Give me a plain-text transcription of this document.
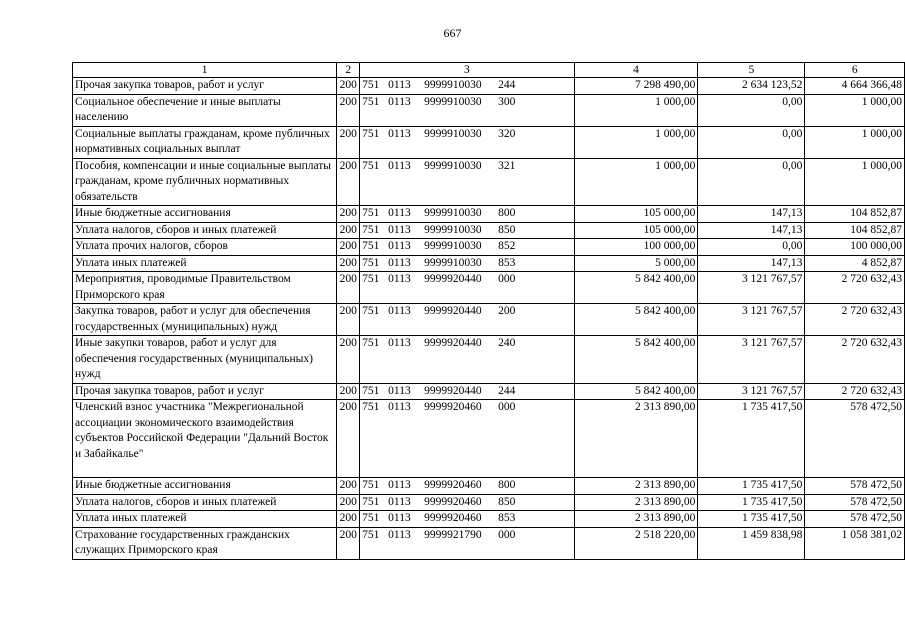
667
1	2	3	4	5	6
Прочая закупка товаров, работ и услуг	200	751 0113 9999910030 244	7 298 490,00	2 634 123,52	4 664 366,48
Социальное обеспечение и иные выплаты населению	200	751 0113 9999910030 300	1 000,00	0,00	1 000,00
Социальные выплаты гражданам, кроме публичных нормативных социальных выплат	200	751 0113 9999910030 320	1 000,00	0,00	1 000,00
Пособия, компенсации и иные социальные выплаты гражданам, кроме публичных нормативных обязательств	200	751 0113 9999910030 321	1 000,00	0,00	1 000,00
Иные бюджетные ассигнования	200	751 0113 9999910030 800	105 000,00	147,13	104 852,87
Уплата налогов, сборов и иных платежей	200	751 0113 9999910030 850	105 000,00	147,13	104 852,87
Уплата прочих налогов, сборов	200	751 0113 9999910030 852	100 000,00	0,00	100 000,00
Уплата иных платежей	200	751 0113 9999910030 853	5 000,00	147,13	4 852,87
Мероприятия, проводимые Правительством Приморского края	200	751 0113 9999920440 000	5 842 400,00	3 121 767,57	2 720 632,43
Закупка товаров, работ и услуг для обеспечения государственных (муниципальных) нужд	200	751 0113 9999920440 200	5 842 400,00	3 121 767,57	2 720 632,43
Иные закупки товаров, работ и услуг для обеспечения государственных (муниципальных) нужд	200	751 0113 9999920440 240	5 842 400,00	3 121 767,57	2 720 632,43
Прочая закупка товаров, работ и услуг	200	751 0113 9999920440 244	5 842 400,00	3 121 767,57	2 720 632,43
Членский взнос участника "Межрегиональной ассоциации экономического взаимодействия субъектов Российской Федерации "Дальний Восток и Забайкалье"	200	751 0113 9999920460 000	2 313 890,00	1 735 417,50	578 472,50
Иные бюджетные ассигнования	200	751 0113 9999920460 800	2 313 890,00	1 735 417,50	578 472,50
Уплата налогов, сборов и иных платежей	200	751 0113 9999920460 850	2 313 890,00	1 735 417,50	578 472,50
Уплата иных платежей	200	751 0113 9999920460 853	2 313 890,00	1 735 417,50	578 472,50
Страхование государственных гражданских служащих Приморского края	200	751 0113 9999921790 000	2 518 220,00	1 459 838,98	1 058 381,02
